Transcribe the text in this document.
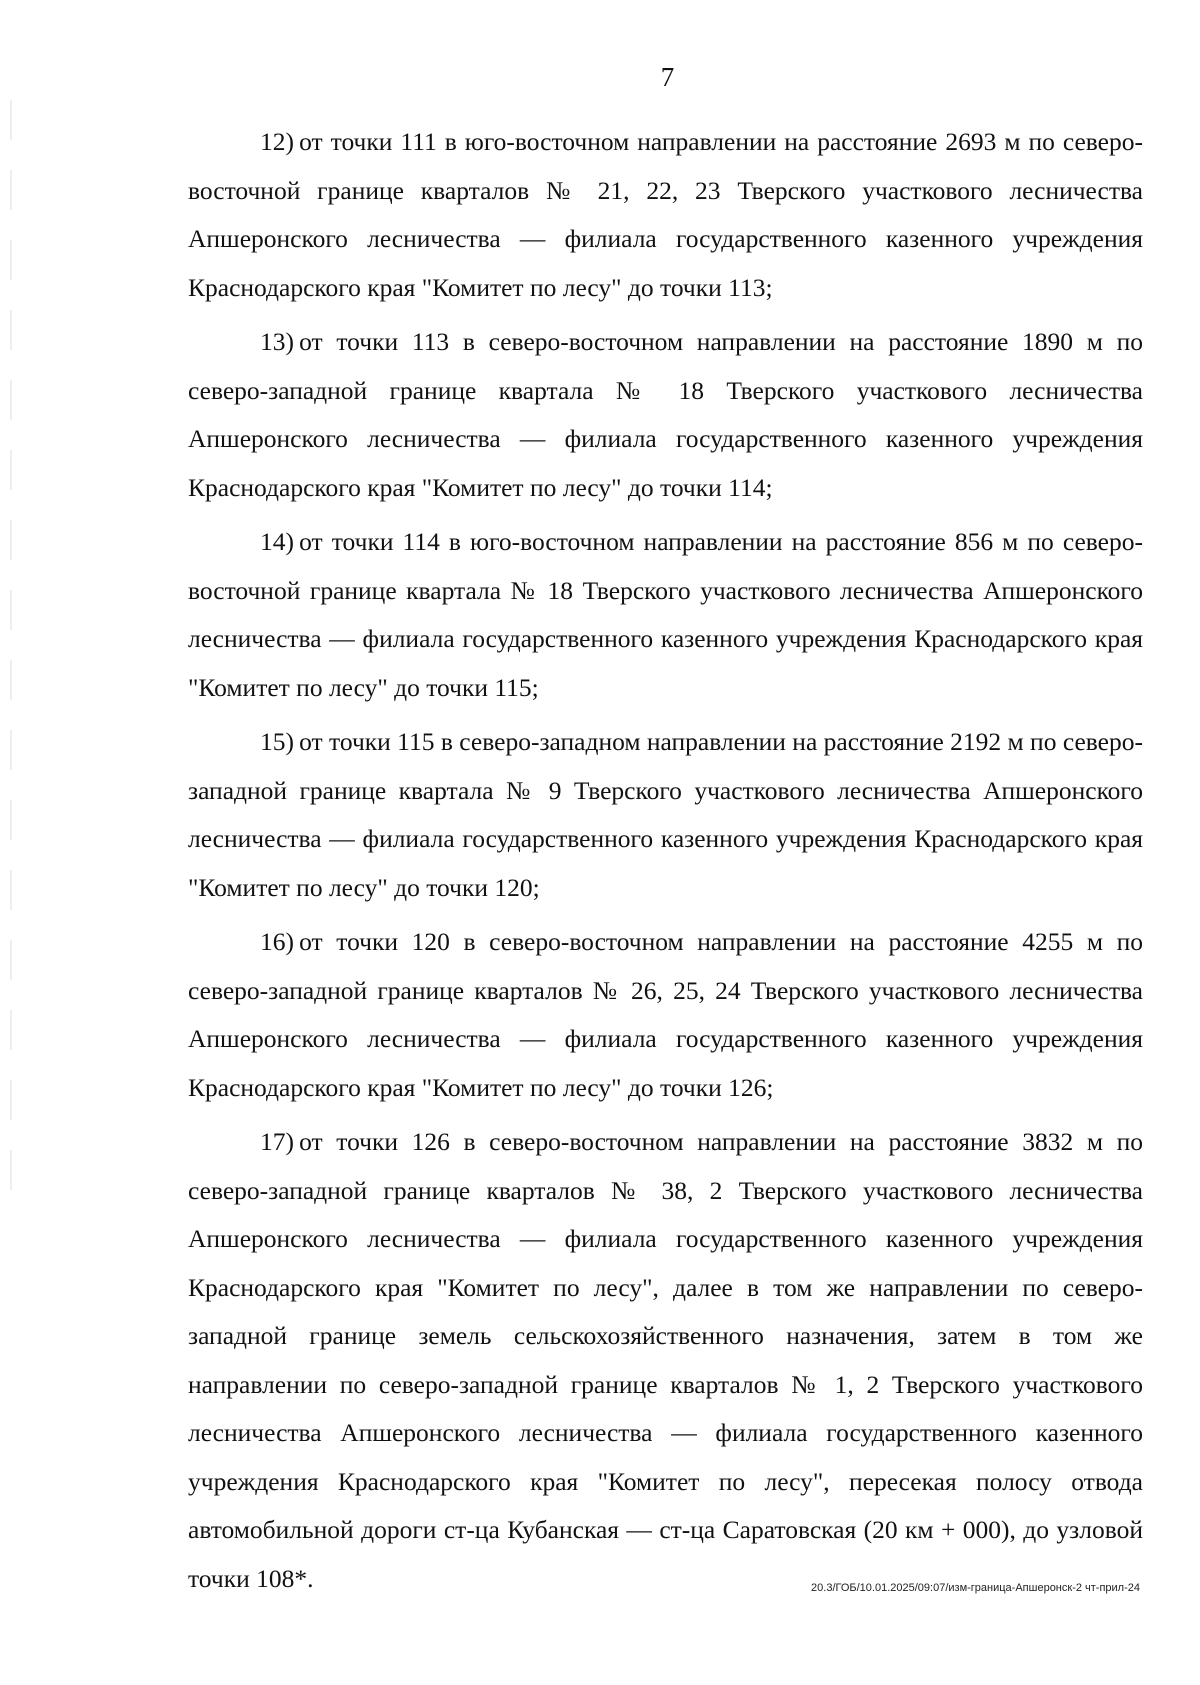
7

12) от точки 111 в юго-восточном направлении на расстояние 2693 м по северо-восточной границе кварталов № 21, 22, 23 Тверского участкового лесничества Апшеронского лесничества — филиала государственного казенного учреждения Краснодарского края "Комитет по лесу" до точки 113;

13) от точки 113 в северо-восточном направлении на расстояние 1890 м по северо-западной границе квартала № 18 Тверского участкового лесничества Апшеронского лесничества — филиала государственного казенного учреждения Краснодарского края "Комитет по лесу" до точки 114;

14) от точки 114 в юго-восточном направлении на расстояние 856 м по северо-восточной границе квартала № 18 Тверского участкового лесничества Апшеронского лесничества — филиала государственного казенного учреждения Краснодарского края "Комитет по лесу" до точки 115;

15) от точки 115 в северо-западном направлении на расстояние 2192 м по северо-западной границе квартала № 9 Тверского участкового лесничества Апшеронского лесничества — филиала государственного казенного учреждения Краснодарского края "Комитет по лесу" до точки 120;

16) от точки 120 в северо-восточном направлении на расстояние 4255 м по северо-западной границе кварталов № 26, 25, 24 Тверского участкового лесничества Апшеронского лесничества — филиала государственного казенного учреждения Краснодарского края "Комитет по лесу" до точки 126;

17) от точки 126 в северо-восточном направлении на расстояние 3832 м по северо-западной границе кварталов № 38, 2 Тверского участкового лесничества Апшеронского лесничества — филиала государственного казенного учреждения Краснодарского края "Комитет по лесу", далее в том же направлении по северо-западной границе земель сельскохозяйственного назначения, затем в том же направлении по северо-западной границе кварталов № 1, 2 Тверского участкового лесничества Апшеронского лесничества — филиала государственного казенного учреждения Краснодарского края "Комитет по лесу", пересекая полосу отвода автомобильной дороги ст-ца Кубанская — ст-ца Саратовская (20 км + 000), до узловой точки 108*.	20.3/ГОБ/10.01.2025/09:07/изм-граница-Апшеронск-2 чт-прил-24
